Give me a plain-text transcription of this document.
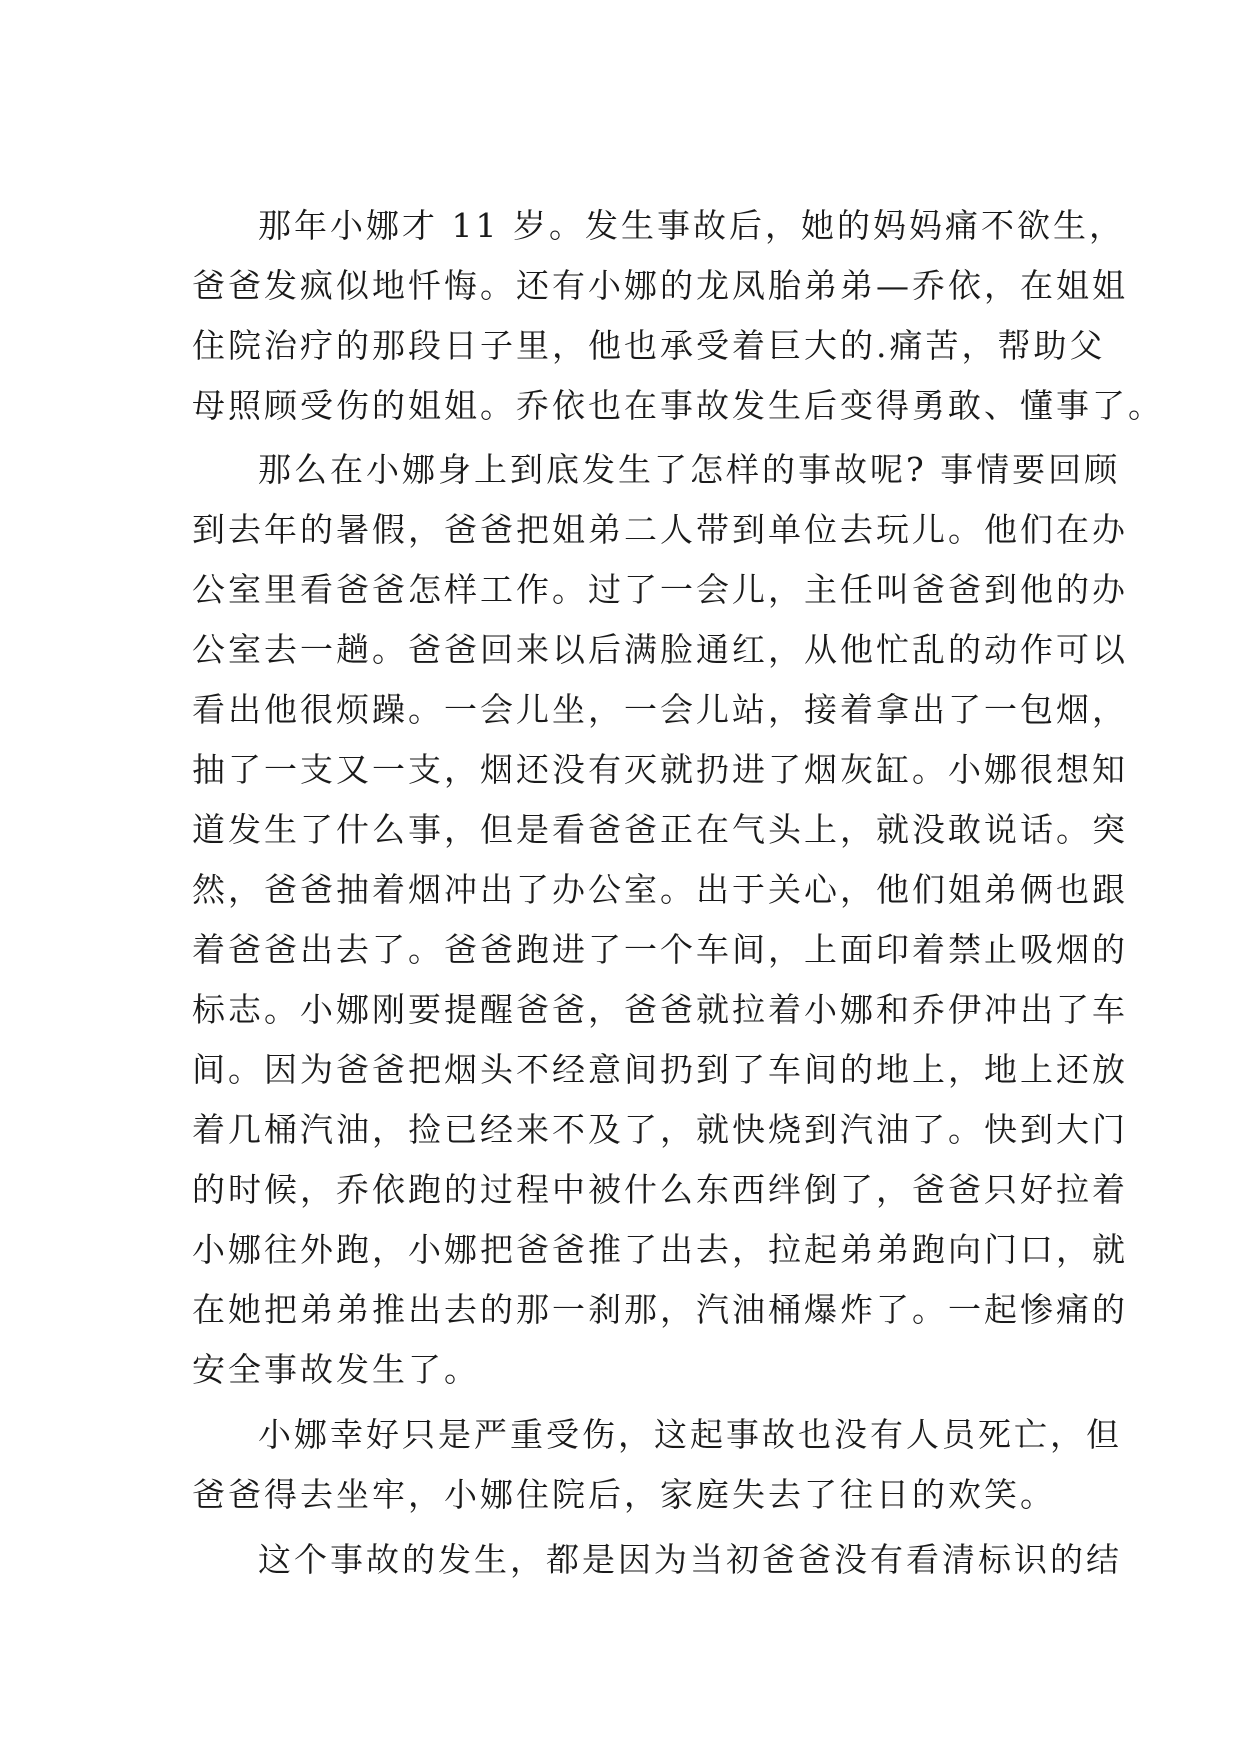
那年小娜才 11 岁。发生事故后，她的妈妈痛不欲生，
爸爸发疯似地忏悔。还有小娜的龙凤胎弟弟—乔依，在姐姐
住院治疗的那段日子里，他也承受着巨大的.痛苦，帮助父
母照顾受伤的姐姐。乔依也在事故发生后变得勇敢、懂事了。
那么在小娜身上到底发生了怎样的事故呢? 事情要回顾
到去年的暑假，爸爸把姐弟二人带到单位去玩儿。他们在办
公室里看爸爸怎样工作。过了一会儿，主任叫爸爸到他的办
公室去一趟。爸爸回来以后满脸通红，从他忙乱的动作可以
看出他很烦躁。一会儿坐，一会儿站，接着拿出了一包烟，
抽了一支又一支，烟还没有灭就扔进了烟灰缸。小娜很想知
道发生了什么事，但是看爸爸正在气头上，就没敢说话。突
然，爸爸抽着烟冲出了办公室。出于关心，他们姐弟俩也跟
着爸爸出去了。爸爸跑进了一个车间，上面印着禁止吸烟的
标志。小娜刚要提醒爸爸，爸爸就拉着小娜和乔伊冲出了车
间。因为爸爸把烟头不经意间扔到了车间的地上，地上还放
着几桶汽油，捡已经来不及了，就快烧到汽油了。快到大门
的时候，乔依跑的过程中被什么东西绊倒了，爸爸只好拉着
小娜往外跑，小娜把爸爸推了出去，拉起弟弟跑向门口，就
在她把弟弟推出去的那一刹那，汽油桶爆炸了。一起惨痛的
安全事故发生了。
小娜幸好只是严重受伤，这起事故也没有人员死亡，但
爸爸得去坐牢，小娜住院后，家庭失去了往日的欢笑。
这个事故的发生，都是因为当初爸爸没有看清标识的结
